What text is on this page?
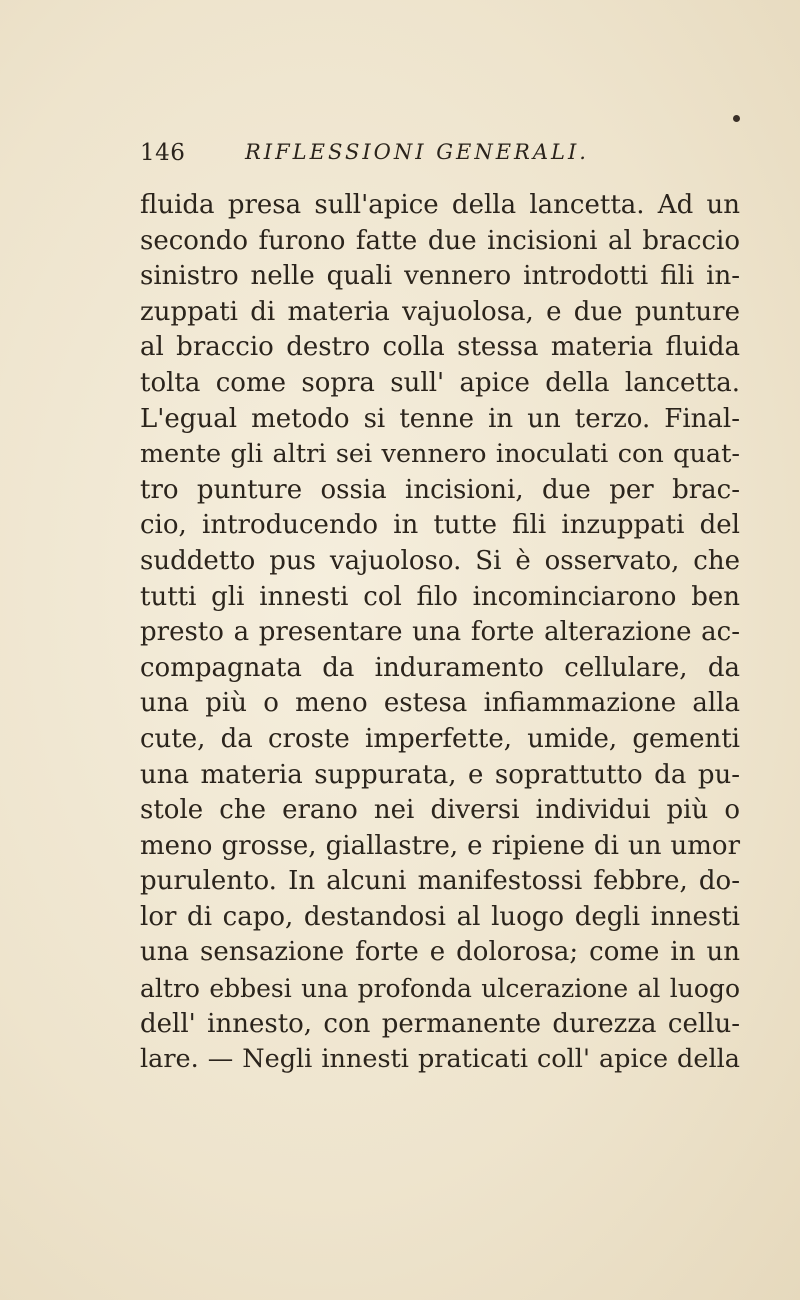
146	RIFLESSIONI GENERALI.
fluida presa sull'apice della lancetta. Ad un
secondo furono fatte due incisioni al braccio
sinistro nelle quali vennero introdotti fili in-
zuppati di materia vajuolosa, e due punture
al braccio destro colla stessa materia fluida
tolta come sopra sull' apice della lancetta.
L'egual metodo si tenne in un terzo. Final-
mente gli altri sei vennero inoculati con quat-
tro punture ossia incisioni, due per brac-
cio, introducendo in tutte fili inzuppati del
suddetto pus vajuoloso. Si è osservato, che
tutti gli innesti col filo incominciarono ben
presto a presentare una forte alterazione ac-
compagnata da induramento cellulare, da
una più o meno estesa infiammazione alla
cute, da croste imperfette, umide, gementi
una materia suppurata, e soprattutto da pu-
stole che erano nei diversi individui più o
meno grosse, giallastre, e ripiene di un umor
purulento. In alcuni manifestossi febbre, do-
lor di capo, destandosi al luogo degli innesti
una sensazione forte e dolorosa; come in un
altro ebbesi una profonda ulcerazione al luogo
dell' innesto, con permanente durezza cellu-
lare. — Negli innesti praticati coll' apice della
